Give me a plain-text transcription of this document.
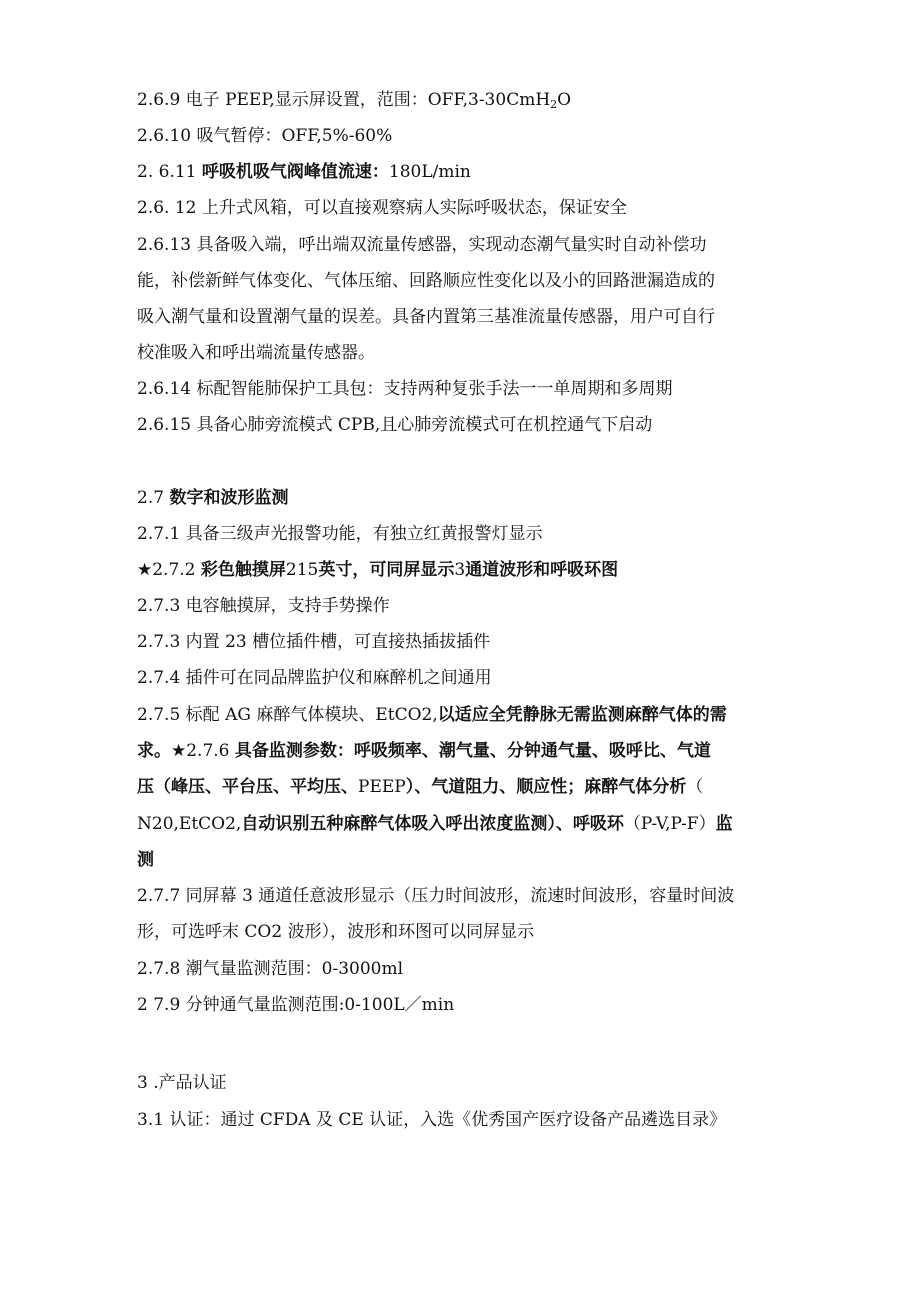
2.6.9 电子 PEEP,显示屏设置，范围：OFF,3-30CmH$_2$O
2.6.10 吸气暂停：OFF,5%-60%
2. 6.11 呼吸机吸气阀峰值流速：180L/min
2.6. 12 上升式风箱，可以直接观察病人实际呼吸状态，保证安全
2.6.13 具备吸入端，呼出端双流量传感器，实现动态潮气量实时自动补偿功
能，补偿新鲜气体变化、气体压缩、回路顺应性变化以及小的回路泄漏造成的
吸入潮气量和设置潮气量的误差。具备内置第三基准流量传感器，用户可自行
校准吸入和呼出端流量传感器。
2.6.14 标配智能肺保护工具包：支持两种复张手法一一单周期和多周期
2.6.15 具备心肺旁流模式 CPB,且心肺旁流模式可在机控通气下启动
2.7 数字和波形监测
2.7.1 具备三级声光报警功能，有独立红黄报警灯显示
★2.7.2 彩色触摸屏215英寸，可同屏显示3通道波形和呼吸环图
2.7.3 电容触摸屏，支持手势操作
2.7.3 内置 23 槽位插件槽，可直接热插拔插件
2.7.4 插件可在同品牌监护仪和麻醉机之间通用
2.7.5 标配 AG 麻醉气体模块、EtCO2,以适应全凭静脉无需监测麻醉气体的需
求。★2.7.6 具备监测参数：呼吸频率、潮气量、分钟通气量、吸呼比、气道
压（峰压、平台压、平均压、PEEP）、气道阻力、顺应性；麻醉气体分析（
N20,EtCO2,自动识别五种麻醉气体吸入呼出浓度监测）、呼吸环（P-V,P-F）监
测
2.7.7 同屏幕 3 通道任意波形显示（压力时间波形，流速时间波形，容量时间波
形，可选呼末 CO2 波形），波形和环图可以同屏显示
2.7.8 潮气量监测范围：0-3000ml
2 7.9 分钟通气量监测范围:0-100L／min
3 .产品认证
3.1 认证：通过 CFDA 及 CE 认证，入选《优秀国产医疗设备产品遴选目录》
